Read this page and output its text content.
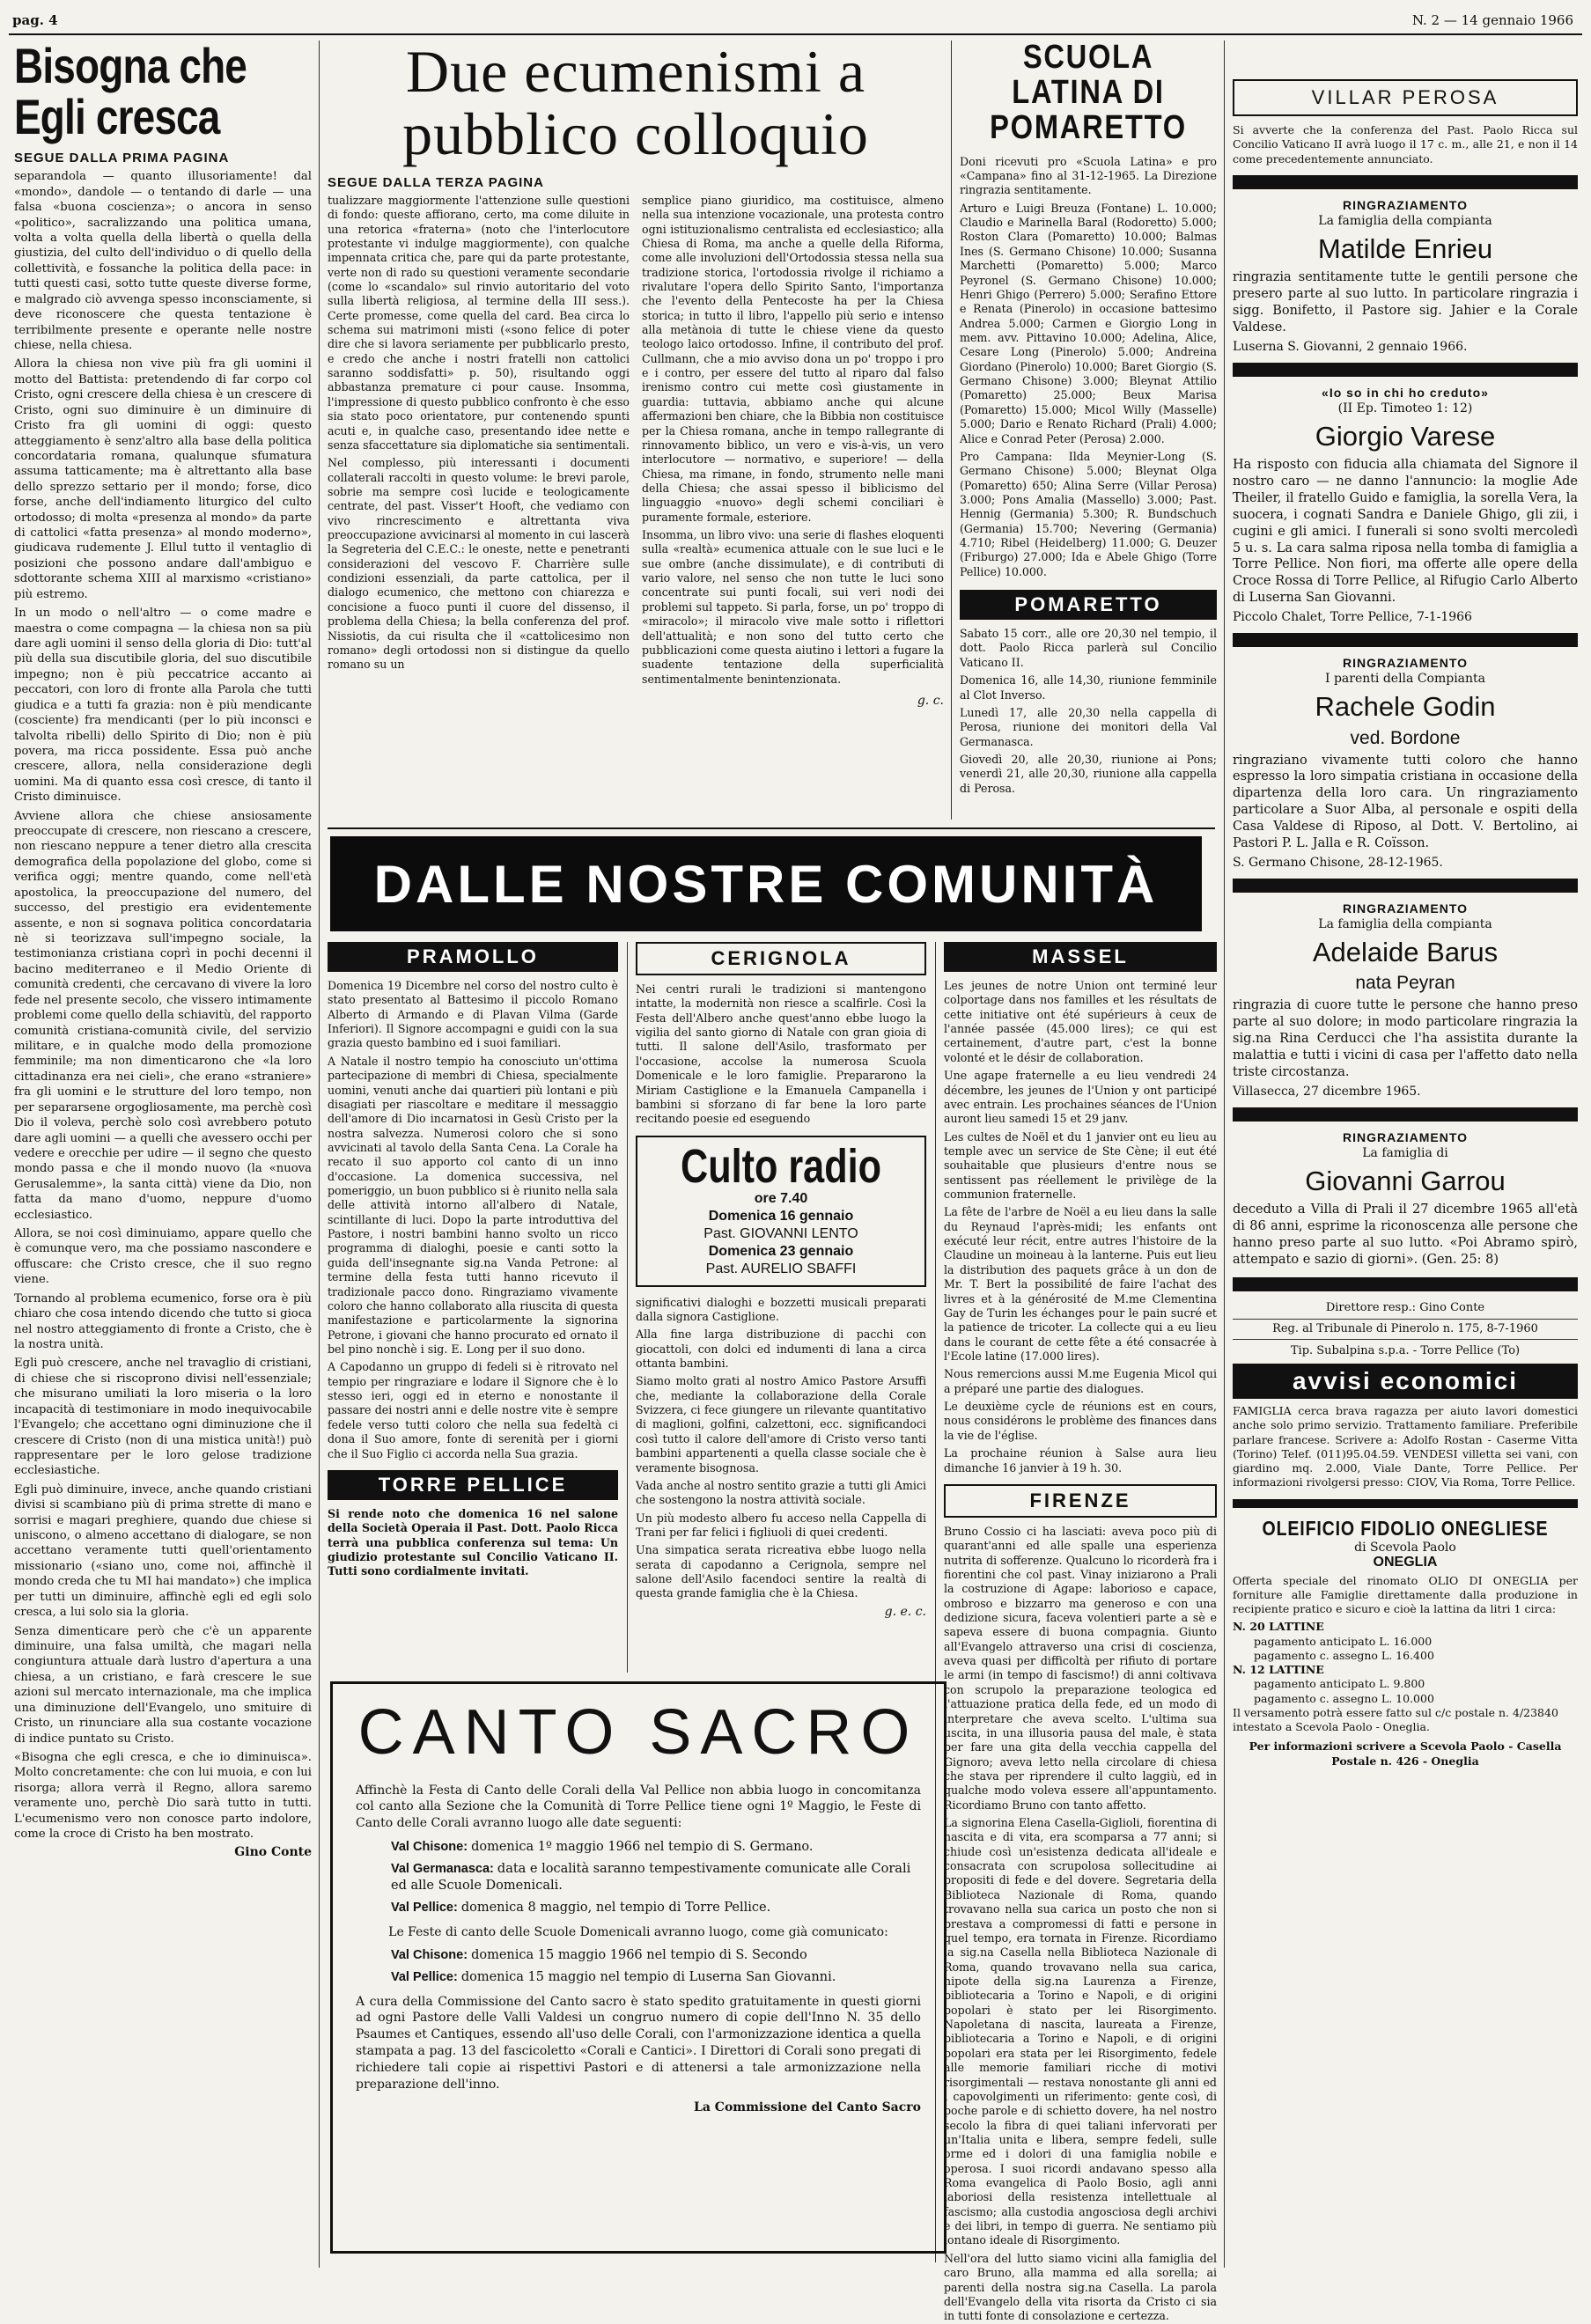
pag. 4	N. 2 — 14 gennaio 1966
Bisogna che
Egli cresca
SEGUE DALLA PRIMA PAGINA

separandola — quanto illusoriamente! dal «mondo», dandole — o tentando di darle — una falsa «buona coscienza»; o ancora in senso «politico», sacralizzando una politica umana, volta a volta quella della libertà o quella della giustizia, del culto dell'individuo o di quello della collettività, e fossanche la politica della pace: in tutti questi casi, sotto tutte queste diverse forme, e malgrado ciò avvenga spesso inconsciamente, si deve riconoscere che questa tentazione è terribilmente presente e operante nelle nostre chiese, nella chiesa.

Allora la chiesa non vive più fra gli uomini il motto del Battista: pretendendo di far corpo col Cristo, ogni crescere della chiesa è un crescere di Cristo, ogni suo diminuire è un diminuire di Cristo fra gli uomini di oggi: questo atteggiamento è senz'altro alla base della politica concordataria romana, qualunque sfumatura assuma tatticamente; ma è altrettanto alla base dello sprezzo settario per il mondo; forse, dico forse, anche dell'indiamento liturgico del culto ortodosso; di molta «presenza al mondo» da parte di cattolici «fatta presenza» al mondo moderno», giudicava rudemente J. Ellul tutto il ventaglio di posizioni che possono andare dall'ambiguo e sdottorante schema XIII al marxismo «cristiano» più estremo.

In un modo o nell'altro — o come madre e maestra o come compagna — la chiesa non sa più dare agli uomini il senso della gloria di Dio: tutt'al più della sua discutibile gloria, del suo discutibile impegno; non è più peccatrice accanto ai peccatori, con loro di fronte alla Parola che tutti giudica e a tutti fa grazia: non è più mendicante (cosciente) fra mendicanti (per lo più inconsci e talvolta ribelli) dello Spirito di Dio; non è più povera, ma ricca possidente. Essa può anche crescere, allora, nella considerazione degli uomini. Ma di quanto essa così cresce, di tanto il Cristo diminuisce.

Avviene allora che chiese ansiosamente preoccupate di crescere, non riescano a crescere, non riescano neppure a tener dietro alla crescita demografica della popolazione del globo, come si verifica oggi; mentre quando, come nell'età apostolica, la preoccupazione del numero, del successo, del prestigio era evidentemente assente, e non si sognava politica concordataria nè si teorizzava sull'impegno sociale, la testimonianza cristiana coprì in pochi decenni il bacino mediterraneo e il Medio Oriente di comunità credenti, che cercavano di vivere la loro fede nel presente secolo, che vissero intimamente problemi come quello della schiavitù, del rapporto comunità cristiana-comunità civile, del servizio militare, e in qualche modo della promozione femminile; ma non dimenticarono che «la loro cittadinanza era nei cieli», che erano «straniere» fra gli uomini e le strutture del loro tempo, non per separarsene orgogliosamente, ma perchè così Dio il voleva, perchè solo così avrebbero potuto dare agli uomini — a quelli che avessero occhi per vedere e orecchie per udire — il segno che questo mondo passa e che il mondo nuovo (la «nuova Gerusalemme», la santa città) viene da Dio, non fatta da mano d'uomo, neppure d'uomo ecclesiastico.

Allora, se noi così diminuiamo, appare quello che è comunque vero, ma che possiamo nascondere e offuscare: che Cristo cresce, che il suo regno viene.

Tornando al problema ecumenico, forse ora è più chiaro che cosa intendo dicendo che tutto si gioca nel nostro atteggiamento di fronte a Cristo, che è la nostra unità.

Egli può crescere, anche nel travaglio di cristiani, di chiese che si riscoprono divisi nell'essenziale; che misurano umiliati la loro miseria o la loro incapacità di testimoniare in modo inequivocabile l'Evangelo; che accettano ogni diminuzione che il crescere di Cristo (non di una mistica unità!) può rappresentare per le loro gelose tradizione ecclesiastiche.

Egli può diminuire, invece, anche quando cristiani divisi si scambiano più di prima strette di mano e sorrisi e magari preghiere, quando due chiese si uniscono, o almeno accettano di dialogare, se non accettano veramente tutti quell'orientamento missionario («siano uno, come noi, affinchè il mondo creda che tu MI hai mandato») che implica per tutti un diminuire, affinchè egli ed egli solo cresca, a lui solo sia la gloria.

Senza dimenticare però che c'è un apparente diminuire, una falsa umiltà, che magari nella congiuntura attuale darà lustro d'apertura a una chiesa, a un cristiano, e farà crescere le sue azioni sul mercato internazionale, ma che implica una diminuzione dell'Evangelo, uno smituire di Cristo, un rinunciare alla sua costante vocazione di indice puntato su Cristo.

«Bisogna che egli cresca, e che io diminuisca». Molto concretamente: che con lui muoia, e con lui risorga; allora verrà il Regno, allora saremo veramente uno, perchè Dio sarà tutto in tutti. L'ecumenismo vero non conosce parto indolore, come la croce di Cristo ha ben mostrato.

Gino Conte
Due ecumenismi a pubblico colloquio
SEGUE DALLA TERZA PAGINA

tualizzare maggiormente l'attenzione sulle questioni di fondo: queste affiorano, certo, ma come diluite in una retorica «fraterna» (noto che l'interlocutore protestante vi indulge maggiormente), con qualche impennata critica che, pare qui da parte protestante, verte non di rado su questioni veramente secondarie (come lo «scandalo» sul rinvio autoritario del voto sulla libertà religiosa, al termine della III sess.). Certe promesse, come quella del card. Bea circa lo schema sui matrimoni misti («sono felice di poter dire che si lavora seriamente per pubblicarlo presto, e credo che anche i nostri fratelli non cattolici saranno soddisfatti» p. 50), risultando oggi abbastanza premature ci pour cause. Insomma, l'impressione di questo pubblico confronto è che esso sia stato poco orientatore, pur contenendo spunti acuti e, in qualche caso, presentando idee nette e senza sfaccettature sia diplomatiche sia sentimentali.

Nel complesso, più interessanti i documenti collaterali raccolti in questo volume: le brevi parole, sobrie ma sempre così lucide e teologicamente centrate, del past. Visser't Hooft, che vediamo con vivo rincrescimento e altrettanta viva preoccupazione avvicinarsi al momento in cui lascerà la Segreteria del C.E.C.: le oneste, nette e penetranti considerazioni del vescovo F. Charrière sulle condizioni essenziali, da parte cattolica, per il dialogo ecumenico, che mettono con chiarezza e concisione a fuoco punti il cuore del dissenso, il problema della Chiesa; la bella conferenza del prof. Nissiotis, da cui risulta che il «cattolicesimo non romano» degli ortodossi non si distingue da quello romano su un

semplice piano giuridico, ma costituisce, almeno nella sua intenzione vocazionale, una protesta contro ogni istituzionalismo centralista ed ecclesiastico; alla Chiesa di Roma, ma anche a quelle della Riforma, come alle involuzioni dell'Ortodossia stessa nella sua tradizione storica, l'ortodossia rivolge il richiamo a rivalutare l'opera dello Spirito Santo, l'importanza che l'evento della Pentecoste ha per la Chiesa storica; in tutto il libro, l'appello più serio e intenso alla metànoia di tutte le chiese viene da questo teologo laico ortodosso. Infine, il contributo del prof. Cullmann, che a mio avviso dona un po' troppo i pro e i contro, per essere del tutto al riparo dal falso irenismo contro cui mette così giustamente in guardia: tuttavia, abbiamo anche qui alcune affermazioni ben chiare, che la Bibbia non costituisce per la Chiesa romana, anche in tempo rallegrante di rinnovamento biblico, un vero e vis-à-vis, un vero interlocutore — normativo, e superiore! — della Chiesa, ma rimane, in fondo, strumento nelle mani della Chiesa; che assai spesso il biblicismo del linguaggio «nuovo» degli schemi conciliari è puramente formale, esteriore.

Insomma, un libro vivo: una serie di flashes eloquenti sulla «realtà» ecumenica attuale con le sue luci e le sue ombre (anche dissimulate), e di contributi di vario valore, nel senso che non tutte le luci sono concentrate sui punti focali, sui veri nodi dei problemi sul tappeto. Si parla, forse, un po' troppo di «miracolo»; il miracolo vive male sotto i riflettori dell'attualità; e non sono del tutto certo che pubblicazioni come questa aiutino i lettori a fugare la suadente tentazione della superficialità sentimentalmente benintenzionata.

g. c.
SCUOLA LATINA DI POMARETTO

Doni ricevuti pro «Scuola Latina» e pro «Campana» fino al 31-12-1965. La Direzione ringrazia sentitamente.

Arturo e Luigi Breuza (Fontane) L. 10.000; Claudio e Marinella Baral (Rodoretto) 5.000; Roston Clara (Pomaretto) 10.000; Balmas Ines (S. Germano Chisone) 10.000; Susanna Marchetti (Pomaretto) 5.000; Marco Peyronel (S. Germano Chisone) 10.000; Henri Ghigo (Perrero) 5.000; Serafino Ettore e Renata (Pinerolo) in occasione battesimo Andrea 5.000; Carmen e Giorgio Long in mem. avv. Pittavino 10.000; Adelina, Alice, Cesare Long (Pinerolo) 5.000; Andreina Giordano (Pinerolo) 10.000; Baret Giorgio (S. Germano Chisone) 3.000; Bleynat Attilio (Pomaretto) 25.000; Beux Marisa (Pomaretto) 15.000; Micol Willy (Masselle) 5.000; Dario e Renato Richard (Prali) 4.000; Alice e Conrad Peter (Perosa) 2.000.

Pro Campana: Ilda Meynier-Long (S. Germano Chisone) 5.000; Bleynat Olga (Pomaretto) 650; Alina Serre (Villar Perosa) 3.000; Pons Amalia (Massello) 3.000; Past. Hennig (Germania) 5.300; R. Bundschuch (Germania) 15.700; Nevering (Germania) 4.710; Ribel (Heidelberg) 11.000; G. Deuzer (Friburgo) 27.000; Ida e Abele Ghigo (Torre Pellice) 10.000.

POMARETTO

Sabato 15 corr., alle ore 20,30 nel tempio, il dott. Paolo Ricca parlerà sul Concilio Vaticano II.

Domenica 16, alle 14,30, riunione femminile al Clot Inverso.

Lunedì 17, alle 20,30 nella cappella di Perosa, riunione dei monitori della Val Germanasca.

Giovedì 20, alle 20,30, riunione ai Pons; venerdì 21, alle 20,30, riunione alla cappella di Perosa.

DALLE NOSTRE COMUNITÀ
PRAMOLLO

Domenica 19 Dicembre nel corso del nostro culto è stato presentato al Battesimo il piccolo Romano Alberto di Armando e di Plavan Vilma (Garde Inferiori). Il Signore accompagni e guidi con la sua grazia questo bambino ed i suoi familiari.

A Natale il nostro tempio ha conosciuto un'ottima partecipazione di membri di Chiesa, specialmente uomini, venuti anche dai quartieri più lontani e più disagiati per riascoltare e meditare il messaggio dell'amore di Dio incarnatosi in Gesù Cristo per la nostra salvezza. Numerosi coloro che si sono avvicinati al tavolo della Santa Cena. La Corale ha recato il suo apporto col canto di un inno d'occasione. La domenica successiva, nel pomeriggio, un buon pubblico si è riunito nella sala delle attività intorno all'albero di Natale, scintillante di luci. Dopo la parte introduttiva del Pastore, i nostri bambini hanno svolto un ricco programma di dialoghi, poesie e canti sotto la guida dell'insegnante sig.na Vanda Petrone: al termine della festa tutti hanno ricevuto il tradizionale pacco dono. Ringraziamo vivamente coloro che hanno collaborato alla riuscita di questa manifestazione e particolarmente la signorina Petrone, i giovani che hanno procurato ed ornato il bel pino nonchè i sig. E. Long per il suo dono.

A Capodanno un gruppo di fedeli si è ritrovato nel tempio per ringraziare e lodare il Signore che è lo stesso ieri, oggi ed in eterno e nonostante il passare dei nostri anni e delle nostre vite è sempre fedele verso tutti coloro che nella sua fedeltà ci dona il Suo amore, fonte di serenità per i giorni che il Suo Figlio ci accorda nella Sua grazia.

TORRE PELLICE
Si rende noto che domenica 16 nel salone della Società Operaia il Past. Dott. Paolo Ricca terrà una pubblica conferenza sul tema: Un giudizio protestante sul Concilio Vaticano II. Tutti sono cordialmente invitati.
CERIGNOLA

Nei centri rurali le tradizioni si mantengono intatte, la modernità non riesce a scalfirle. Così la Festa dell'Albero anche quest'anno ebbe luogo la vigilia del santo giorno di Natale con gran gioia di tutti. Il salone dell'Asilo, trasformato per l'occasione, accolse la numerosa Scuola Domenicale e le loro famiglie. Prepararono la Miriam Castiglione e la Emanuela Campanella i bambini si sforzano di far bene la loro parte recitando poesie ed eseguendo

Culto radio
ore 7.40
Domenica 16 gennaio
Past. GIOVANNI LENTO
Domenica 23 gennaio
Past. AURELIO SBAFFI

significativi dialoghi e bozzetti musicali preparati dalla signora Castiglione.

Alla fine larga distribuzione di pacchi con giocattoli, con dolci ed indumenti di lana a circa ottanta bambini.

Siamo molto grati al nostro Amico Pastore Arsuffi che, mediante la collaborazione della Corale Svizzera, ci fece giungere un rilevante quantitativo di maglioni, golfini, calzettoni, ecc. significandoci così tutto il calore dell'amore di Cristo verso tanti bambini appartenenti a quella classe sociale che è veramente bisognosa.

Vada anche al nostro sentito grazie a tutti gli Amici che sostengono la nostra attività sociale.

Un più modesto albero fu acceso nella Cappella di Trani per far felici i figliuoli di quei credenti.

Una simpatica serata ricreativa ebbe luogo nella serata di capodanno a Cerignola, sempre nel salone dell'Asilo facendoci sentire la realtà di questa grande famiglia che è la Chiesa.

g. e. c.
MASSEL

Les jeunes de notre Union ont terminé leur colportage dans nos familles et les résultats de cette initiative ont été supérieurs à ceux de l'année passée (45.000 lires); ce qui est certainement, d'autre part, c'est la bonne volonté et le désir de collaboration.

Une agape fraternelle a eu lieu vendredi 24 décembre, les jeunes de l'Union y ont participé avec entrain. Les prochaines séances de l'Union auront lieu samedi 15 et 29 janv.

Les cultes de Noël et du 1 janvier ont eu lieu au temple avec un service de Ste Cène; il eut été souhaitable que plusieurs d'entre nous se sentissent pas réellement le privilège de la communion fraternelle.

La fête de l'arbre de Noël a eu lieu dans la salle du Reynaud l'après-midi; les enfants ont exécuté leur récit, entre autres l'histoire de la Claudine un moineau à la lanterne. Puis eut lieu la distribution des paquets grâce à un don de Mr. T. Bert la possibilité de faire l'achat des livres et à la générosité de M.me Clementina Gay de Turin les échanges pour le pain sucré et la patience de tricoter. La collecte qui a eu lieu dans le courant de cette fête a été consacrée à l'Ecole latine (17.000 lires).

Nous remercions aussi M.me Eugenia Micol qui a préparé une partie des dialogues.

Le deuxième cycle de réunions est en cours, nous considérons le problème des finances dans la vie de l'église.

La prochaine réunion à Salse aura lieu dimanche 16 janvier à 19 h. 30.

FIRENZE

Bruno Cossio ci ha lasciati: aveva poco più di quarant'anni ed alle spalle una esperienza nutrita di sofferenze. Qualcuno lo ricorderà fra i fiorentini che col past. Vinay iniziarono a Prali la costruzione di Agape: laborioso e capace, ombroso e bizzarro ma generoso e con una dedizione sicura, faceva volentieri parte a sè e sapeva essere di buona compagnia. Giunto all'Evangelo attraverso una crisi di coscienza, aveva quasi per difficoltà per rifiuto di portare le armi (in tempo di fascismo!) di anni coltivava con scrupolo la preparazione teologica ed l'attuazione pratica della fede, ed un modo di interpretare che aveva scelto. L'ultima sua uscita, in una illusoria pausa del male, è stata per fare una gita della vecchia cappella del Gignoro; aveva letto nella circolare di chiesa che stava per riprendere il culto laggiù, ed in qualche modo voleva essere all'appuntamento. Ricordiamo Bruno con tanto affetto.

La signorina Elena Casella-Giglioli, fiorentina di nascita e di vita, era scomparsa a 77 anni; si chiude così un'esistenza dedicata all'ideale e consacrata con scrupolosa sollecitudine ai propositi di fede e del dovere. Segretaria della Biblioteca Nazionale di Roma, quando trovavano nella sua carica un posto che non si prestava a compromessi di fatti e persone in quel tempo, era tornata in Firenze. Ricordiamo la sig.na Casella nella Biblioteca Nazionale di Roma, quando trovavano nella sua carica, nipote della sig.na Laurenza a Firenze, bibliotecaria a Torino e Napoli, e di origini popolari è stato per lei Risorgimento. Napoletana di nascita, laureata a Firenze, bibliotecaria a Torino e Napoli, e di origini popolari era stata per lei Risorgimento, fedele alle memorie familiari ricche di motivi risorgimentali — restava nonostante gli anni ed i capovolgimenti un riferimento: gente così, di poche parole e di schietto dovere, ha nel nostro secolo la fibra di quei taliani infervorati per un'Italia unita e libera, sempre fedeli, sulle orme ed i dolori di una famiglia nobile e operosa. I suoi ricordi andavano spesso alla Roma evangelica di Paolo Bosio, agli anni laboriosi della resistenza intellettuale al fascismo; alla custodia angosciosa degli archivi e dei libri, in tempo di guerra. Ne sentiamo più lontano ideale di Risorgimento.

Nell'ora del lutto siamo vicini alla famiglia del caro Bruno, alla mamma ed alla sorella; ai parenti della nostra sig.na Casella. La parola dell'Evangelo della vita risorta da Cristo ci sia in tutti fonte di consolazione e certezza.

CANTO SACRO

Affinchè la Festa di Canto delle Corali della Val Pellice non abbia luogo in concomitanza col canto alla Sezione che la Comunità di Torre Pellice tiene ogni 1º Maggio, le Feste di Canto delle Corali avranno luogo alle date seguenti:

Val Chisone: domenica 1º maggio 1966 nel tempio di S. Germano.
Val Germanasca: data e località saranno tempestivamente comunicate alle Corali ed alle Scuole Domenicali.
Val Pellice: domenica 8 maggio, nel tempio di Torre Pellice.

Le Feste di canto delle Scuole Domenicali avranno luogo, come già comunicato:

Val Chisone: domenica 15 maggio 1966 nel tempio di S. Secondo
Val Pellice: domenica 15 maggio nel tempio di Luserna San Giovanni.

A cura della Commissione del Canto sacro è stato spedito gratuitamente in questi giorni ad ogni Pastore delle Valli Valdesi un congruo numero di copie dell'Inno N. 35 dello Psaumes et Cantiques, essendo all'uso delle Corali, con l'armonizzazione identica a quella stampata a pag. 13 del fascicoletto «Corali e Cantici». I Direttori di Corali sono pregati di richiedere tali copie ai rispettivi Pastori e di attenersi a tale armonizzazione nella preparazione dell'inno.

La Commissione del Canto Sacro
VILLAR PEROSA
Si avverte che la conferenza del Past. Paolo Ricca sul Concilio Vaticano II avrà luogo il 17 c. m., alle 21, e non il 14 come precedentemente annunciato.
RINGRAZIAMENTO
La famiglia della compianta
Matilde Enrieu
ringrazia sentitamente tutte le gentili persone che presero parte al suo lutto. In particolare ringrazia i sigg. Bonifetto, il Pastore sig. Jahier e la Corale Valdese.
Luserna S. Giovanni, 2 gennaio 1966.
«Io so in chi ho creduto»
(II Ep. Timoteo 1: 12)
Giorgio Varese
Ha risposto con fiducia alla chiamata del Signore il nostro caro — ne danno l'annuncio: la moglie Ade Theiler, il fratello Guido e famiglia, la sorella Vera, la suocera, i cognati Sandra e Daniele Ghigo, gli zii, i cugini e gli amici. I funerali si sono svolti mercoledì 5 u. s. La cara salma riposa nella tomba di famiglia a Torre Pellice. Non fiori, ma offerte alle opere della Croce Rossa di Torre Pellice, al Rifugio Carlo Alberto di Luserna San Giovanni.
Piccolo Chalet, Torre Pellice, 7-1-1966
RINGRAZIAMENTO
I parenti della Compianta
Rachele Godin
ved. Bordone
ringraziano vivamente tutti coloro che hanno espresso la loro simpatia cristiana in occasione della dipartenza della loro cara. Un ringraziamento particolare a Suor Alba, al personale e ospiti della Casa Valdese di Riposo, al Dott. V. Bertolino, ai Pastori P. L. Jalla e R. Coïsson.
S. Germano Chisone, 28-12-1965.
RINGRAZIAMENTO
La famiglia della compianta
Adelaide Barus
nata Peyran
ringrazia di cuore tutte le persone che hanno preso parte al suo dolore; in modo particolare ringrazia la sig.na Rina Cerducci che l'ha assistita durante la malattia e tutti i vicini di casa per l'affetto dato nella triste circostanza.
Villasecca, 27 dicembre 1965.
RINGRAZIAMENTO
La famiglia di
Giovanni Garrou
deceduto a Villa di Prali il 27 dicembre 1965 all'età di 86 anni, esprime la riconoscenza alle persone che hanno preso parte al suo lutto. «Poi Abramo spirò, attempato e sazio di giorni». (Gen. 25: 8)
Direttore resp.: Gino Conte
Reg. al Tribunale di Pinerolo n. 175, 8-7-1960
Tip. Subalpina s.p.a. - Torre Pellice (To)
avvisi economici
FAMIGLIA cerca brava ragazza per aiuto lavori domestici anche solo primo servizio. Trattamento familiare. Preferibile parlare francese. Scrivere a: Adolfo Rostan - Caserme Vitta (Torino) Telef. (011)95.04.59. VENDESI villetta sei vani, con giardino mq. 2.000, Viale Dante, Torre Pellice. Per informazioni rivolgersi presso: CIOV, Via Roma, Torre Pellice.
OLEIFICIO FIDOLIO ONEGLIESE
di Scevola Paolo
ONEGLIA
Offerta speciale del rinomato OLIO DI ONEGLIA per forniture alle Famiglie direttamente dalla produzione in recipiente pratico e sicuro e cioè la lattina da litri 1 circa:
N. 20 LATTINE
pagamento anticipato L. 16.000
pagamento c. assegno L. 16.400
N. 12 LATTINE
pagamento anticipato L. 9.800
pagamento c. assegno L. 10.000
Il versamento potrà essere fatto sul c/c postale n. 4/23840 intestato a Scevola Paolo - Oneglia.
Per informazioni scrivere a Scevola Paolo - Casella Postale n. 426 - Oneglia
